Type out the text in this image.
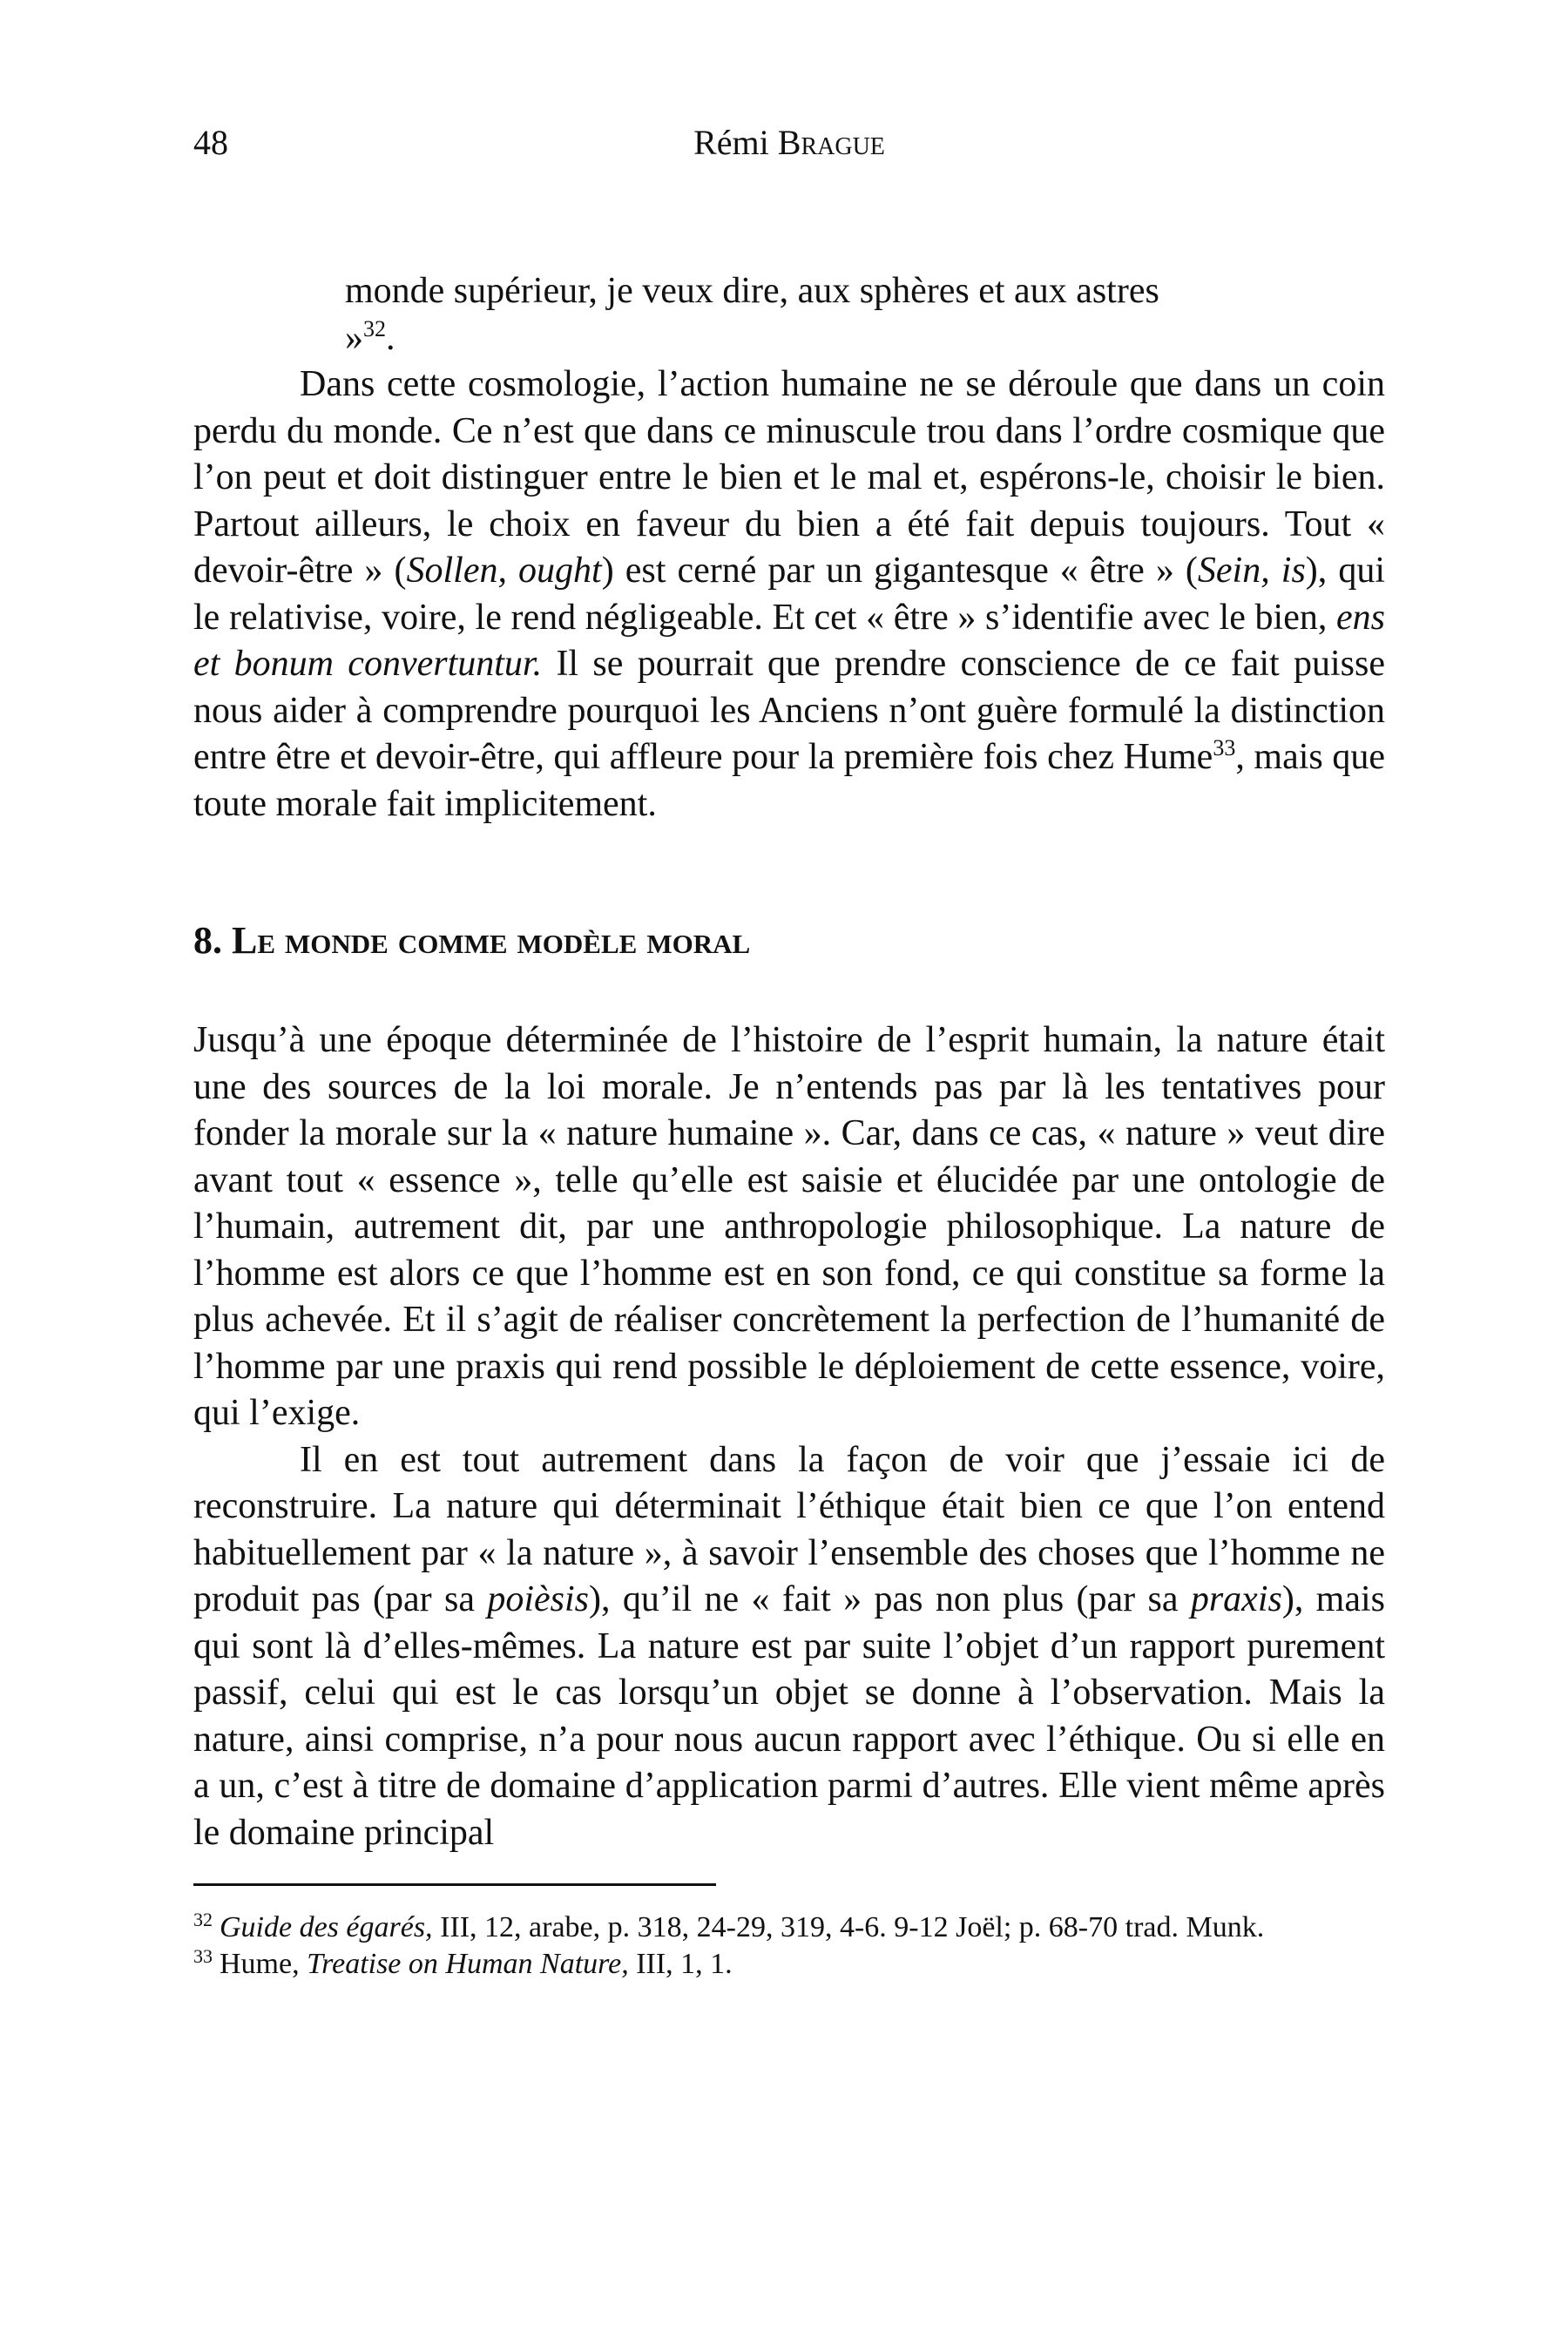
48	Rémi Brague
monde supérieur, je veux dire, aux sphères et aux astres »$^{32}$.

Dans cette cosmologie, l’action humaine ne se déroule que dans un coin perdu du monde. Ce n’est que dans ce minuscule trou dans l’ordre cosmique que l’on peut et doit distinguer entre le bien et le mal et, espérons-le, choisir le bien. Partout ailleurs, le choix en faveur du bien a été fait depuis toujours. Tout « devoir-être » (Sollen, ought) est cerné par un gigantesque « être » (Sein, is), qui le relativise, voire, le rend négligeable. Et cet « être » s’identifie avec le bien, ens et bonum convertuntur. Il se pourrait que prendre conscience de ce fait puisse nous aider à comprendre pourquoi les Anciens n’ont guère formulé la distinction entre être et devoir-être, qui affleure pour la première fois chez Hume$^{33}$, mais que toute morale fait implicitement.

8. Le monde comme modèle moral

Jusqu’à une époque déterminée de l’histoire de l’esprit humain, la nature était une des sources de la loi morale. Je n’entends pas par là les tentatives pour fonder la morale sur la « nature humaine ». Car, dans ce cas, « nature » veut dire avant tout « essence », telle qu’elle est saisie et élucidée par une ontologie de l’humain, autrement dit, par une anthropologie philosophique. La nature de l’homme est alors ce que l’homme est en son fond, ce qui constitue sa forme la plus achevée. Et il s’agit de réaliser concrètement la perfection de l’humanité de l’homme par une praxis qui rend possible le déploiement de cette essence, voire, qui l’exige.

Il en est tout autrement dans la façon de voir que j’essaie ici de reconstruire. La nature qui déterminait l’éthique était bien ce que l’on entend habituellement par « la nature », à savoir l’ensemble des choses que l’homme ne produit pas (par sa poièsis), qu’il ne « fait » pas non plus (par sa praxis), mais qui sont là d’elles-mêmes. La nature est par suite l’objet d’un rapport purement passif, celui qui est le cas lorsqu’un objet se donne à l’observation. Mais la nature, ainsi comprise, n’a pour nous aucun rapport avec l’éthique. Ou si elle en a un, c’est à titre de domaine d’application parmi d’autres. Elle vient même après le domaine principal

$^{32}$ Guide des égarés, III, 12, arabe, p. 318, 24-29, 319, 4-6. 9-12 Joël; p. 68-70 trad. Munk.

$^{33}$ Hume, Treatise on Human Nature, III, 1, 1.
